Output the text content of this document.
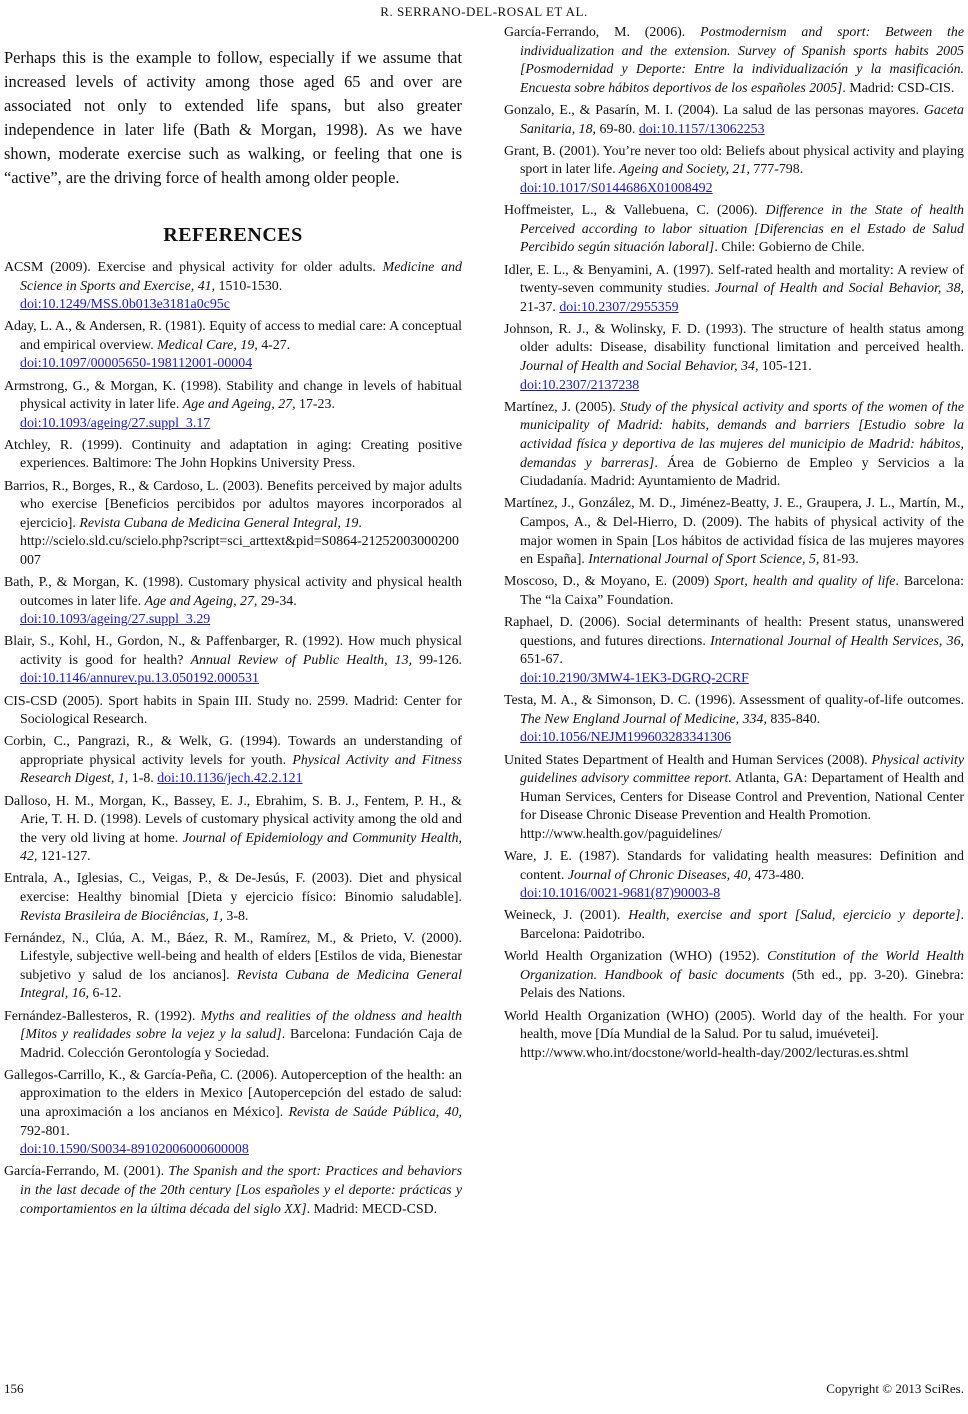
R. SERRANO-DEL-ROSAL ET AL.

Perhaps this is the example to follow, especially if we assume that increased levels of activity among those aged 65 and over are associated not only to extended life spans, but also greater independence in later life (Bath & Morgan, 1998). As we have shown, moderate exercise such as walking, or feeling that one is “active”, are the driving force of health among older people.

REFERENCES

ACSM (2009). Exercise and physical activity for older adults. Medicine and Science in Sports and Exercise, 41, 1510-1530.
doi:10.1249/MSS.0b013e3181a0c95c

Aday, L. A., & Andersen, R. (1981). Equity of access to medial care: A conceptual and empirical overview. Medical Care, 19, 4-27.
doi:10.1097/00005650-198112001-00004

Armstrong, G., & Morgan, K. (1998). Stability and change in levels of habitual physical activity in later life. Age and Ageing, 27, 17-23.
doi:10.1093/ageing/27.suppl_3.17

Atchley, R. (1999). Continuity and adaptation in aging: Creating positive experiences. Baltimore: The John Hopkins University Press.

Barrios, R., Borges, R., & Cardoso, L. (2003). Benefits perceived by major adults who exercise [Beneficios percibidos por adultos mayores incorporados al ejercicio]. Revista Cubana de Medicina General Integral, 19.
http://scielo.sld.cu/scielo.php?script=sci_arttext&pid=S0864-21252003000200007

Bath, P., & Morgan, K. (1998). Customary physical activity and physical health outcomes in later life. Age and Ageing, 27, 29-34.
doi:10.1093/ageing/27.suppl_3.29

Blair, S., Kohl, H., Gordon, N., & Paffenbarger, R. (1992). How much physical activity is good for health? Annual Review of Public Health, 13, 99-126. doi:10.1146/annurev.pu.13.050192.000531

CIS-CSD (2005). Sport habits in Spain III. Study no. 2599. Madrid: Center for Sociological Research.

Corbin, C., Pangrazi, R., & Welk, G. (1994). Towards an understanding of appropriate physical activity levels for youth. Physical Activity and Fitness Research Digest, 1, 1-8. doi:10.1136/jech.42.2.121

Dalloso, H. M., Morgan, K., Bassey, E. J., Ebrahim, S. B. J., Fentem, P. H., & Arie, T. H. D. (1998). Levels of customary physical activity among the old and the very old living at home. Journal of Epidemiology and Community Health, 42, 121-127.

Entrala, A., Iglesias, C., Veigas, P., & De-Jesús, F. (2003). Diet and physical exercise: Healthy binomial [Dieta y ejercicio físico: Binomio saludable]. Revista Brasileira de Biociências, 1, 3-8.

Fernández, N., Clúa, A. M., Báez, R. M., Ramírez, M., & Prieto, V. (2000). Lifestyle, subjective well-being and health of elders [Estilos de vida, Bienestar subjetivo y salud de los ancianos]. Revista Cubana de Medicina General Integral, 16, 6-12.

Fernández-Ballesteros, R. (1992). Myths and realities of the oldness and health [Mitos y realidades sobre la vejez y la salud]. Barcelona: Fundación Caja de Madrid. Colección Gerontología y Sociedad.

Gallegos-Carrillo, K., & García-Peña, C. (2006). Autoperception of the health: an approximation to the elders in Mexico [Autopercepción del estado de salud: una aproximación a los ancianos en México]. Revista de Saúde Pública, 40, 792-801.
doi:10.1590/S0034-89102006000600008

García-Ferrando, M. (2001). The Spanish and the sport: Practices and behaviors in the last decade of the 20th century [Los españoles y el deporte: prácticas y comportamientos en la última década del siglo XX]. Madrid: MECD-CSD.

García-Ferrando, M. (2006). Postmodernism and sport: Between the individualization and the extension. Survey of Spanish sports habits 2005 [Posmodernidad y Deporte: Entre la individualización y la masificación. Encuesta sobre hábitos deportivos de los españoles 2005]. Madrid: CSD-CIS.

Gonzalo, E., & Pasarín, M. I. (2004). La salud de las personas mayores. Gaceta Sanitaria, 18, 69-80. doi:10.1157/13062253

Grant, B. (2001). You’re never too old: Beliefs about physical activity and playing sport in later life. Ageing and Society, 21, 777-798.
doi:10.1017/S0144686X01008492

Hoffmeister, L., & Vallebuena, C. (2006). Difference in the State of health Perceived according to labor situation [Diferencias en el Estado de Salud Percibido según situación laboral]. Chile: Gobierno de Chile.

Idler, E. L., & Benyamini, A. (1997). Self-rated health and mortality: A review of twenty-seven community studies. Journal of Health and Social Behavior, 38, 21-37. doi:10.2307/2955359

Johnson, R. J., & Wolinsky, F. D. (1993). The structure of health status among older adults: Disease, disability functional limitation and perceived health. Journal of Health and Social Behavior, 34, 105-121.
doi:10.2307/2137238

Martínez, J. (2005). Study of the physical activity and sports of the women of the municipality of Madrid: habits, demands and barriers [Estudio sobre la actividad física y deportiva de las mujeres del municipio de Madrid: hábitos, demandas y barreras]. Área de Gobierno de Empleo y Servicios a la Ciudadanía. Madrid: Ayuntamiento de Madrid.

Martínez, J., González, M. D., Jiménez-Beatty, J. E., Graupera, J. L., Martín, M., Campos, A., & Del-Hierro, D. (2009). The habits of physical activity of the major women in Spain [Los hábitos de actividad física de las mujeres mayores en España]. International Journal of Sport Science, 5, 81-93.

Moscoso, D., & Moyano, E. (2009) Sport, health and quality of life. Barcelona: The “la Caixa” Foundation.

Raphael, D. (2006). Social determinants of health: Present status, unanswered questions, and futures directions. International Journal of Health Services, 36, 651-67.
doi:10.2190/3MW4-1EK3-DGRQ-2CRF

Testa, M. A., & Simonson, D. C. (1996). Assessment of quality-of-life outcomes. The New England Journal of Medicine, 334, 835-840.
doi:10.1056/NEJM199603283341306

United States Department of Health and Human Services (2008). Physical activity guidelines advisory committee report. Atlanta, GA: Departament of Health and Human Services, Centers for Disease Control and Prevention, National Center for Disease Chronic Disease Prevention and Health Promotion.
http://www.health.gov/paguidelines/

Ware, J. E. (1987). Standards for validating health measures: Definition and content. Journal of Chronic Diseases, 40, 473-480.
doi:10.1016/0021-9681(87)90003-8

Weineck, J. (2001). Health, exercise and sport [Salud, ejercicio y deporte]. Barcelona: Paidotribo.

World Health Organization (WHO) (1952). Constitution of the World Health Organization. Handbook of basic documents (5th ed., pp. 3-20). Ginebra: Pelais des Nations.

World Health Organization (WHO) (2005). World day of the health. For your health, move [Día Mundial de la Salud. Por tu salud, imuévetei].
http://www.who.int/docstone/world-health-day/2002/lecturas.es.shtml

156	Copyright © 2013 SciRes.
